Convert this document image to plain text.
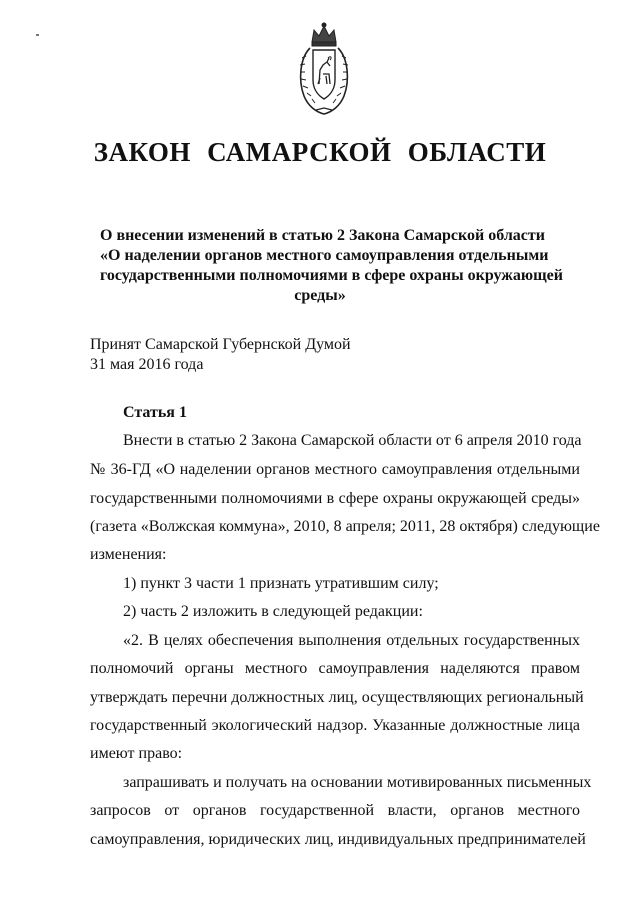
ЗАКОН САМАРСКОЙ ОБЛАСТИ
О внесении изменений в статью 2 Закона Самарской области
«О наделении органов местного самоуправления отдельными
государственными полномочиями в сфере охраны окружающей
среды»
Принят Самарской Губернской Думой
31 мая 2016 года
Статья 1
Внести в статью 2 Закона Самарской области от 6 апреля 2010 года
№ 36-ГД «О наделении органов местного самоуправления отдельными
государственными полномочиями в сфере охраны окружающей среды»
(газета «Волжская коммуна», 2010, 8 апреля; 2011, 28 октября) следующие
изменения:
1) пункт 3 части 1 признать утратившим силу;
2) часть 2 изложить в следующей редакции:
«2. В целях обеспечения выполнения отдельных государственных
полномочий органы местного самоуправления наделяются правом
утверждать перечни должностных лиц, осуществляющих региональный
государственный экологический надзор. Указанные должностные лица
имеют право:
запрашивать и получать на основании мотивированных письменных
запросов от органов государственной власти, органов местного
самоуправления, юридических лиц, индивидуальных предпринимателей
